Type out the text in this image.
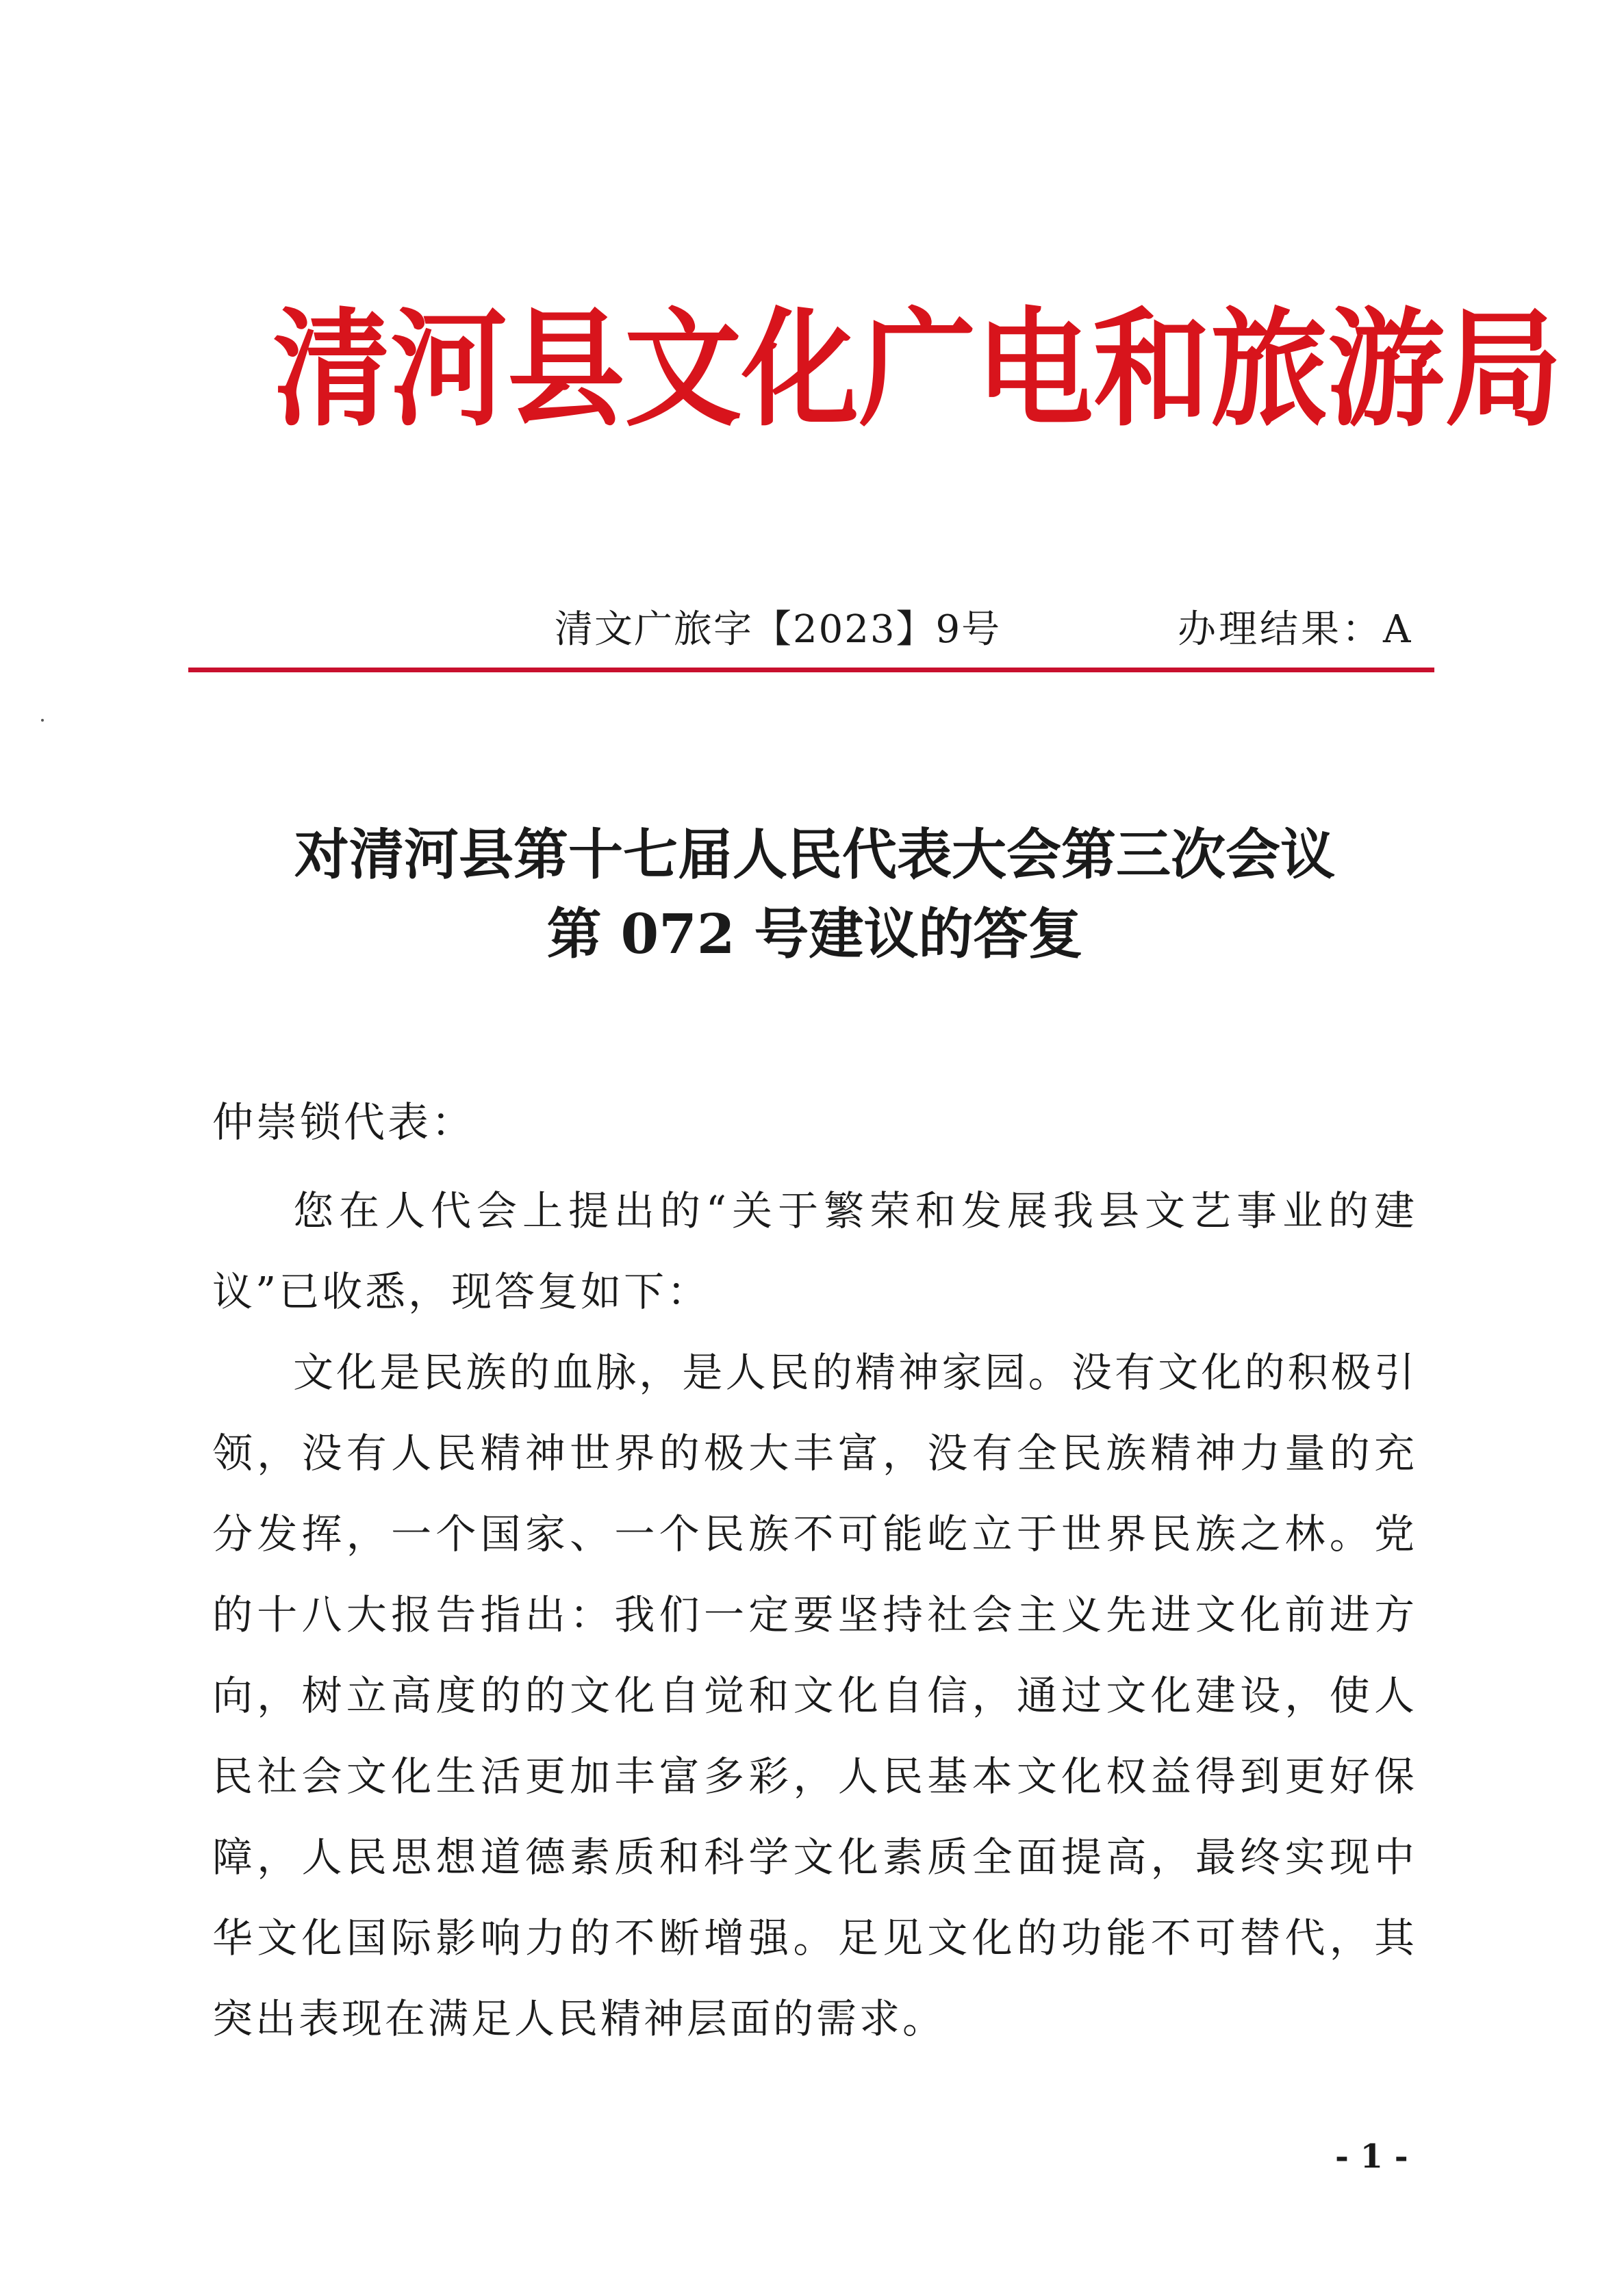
清河县文化广电和旅游局
清文广旅字【2023】9号	办理结果：A
对清河县第十七届人民代表大会第三次会议
第 072 号建议的答复
仲崇锁代表：

您在人代会上提出的“关于繁荣和发展我县文艺事业的建议”已收悉，现答复如下：

文化是民族的血脉，是人民的精神家园。没有文化的积极引领，没有人民精神世界的极大丰富，没有全民族精神力量的充分发挥，一个国家、一个民族不可能屹立于世界民族之林。党的十八大报告指出：我们一定要坚持社会主义先进文化前进方向，树立高度的的文化自觉和文化自信，通过文化建设，使人民社会文化生活更加丰富多彩，人民基本文化权益得到更好保障，人民思想道德素质和科学文化素质全面提高，最终实现中华文化国际影响力的不断增强。足见文化的功能不可替代，其突出表现在满足人民精神层面的需求。

- 1 -
